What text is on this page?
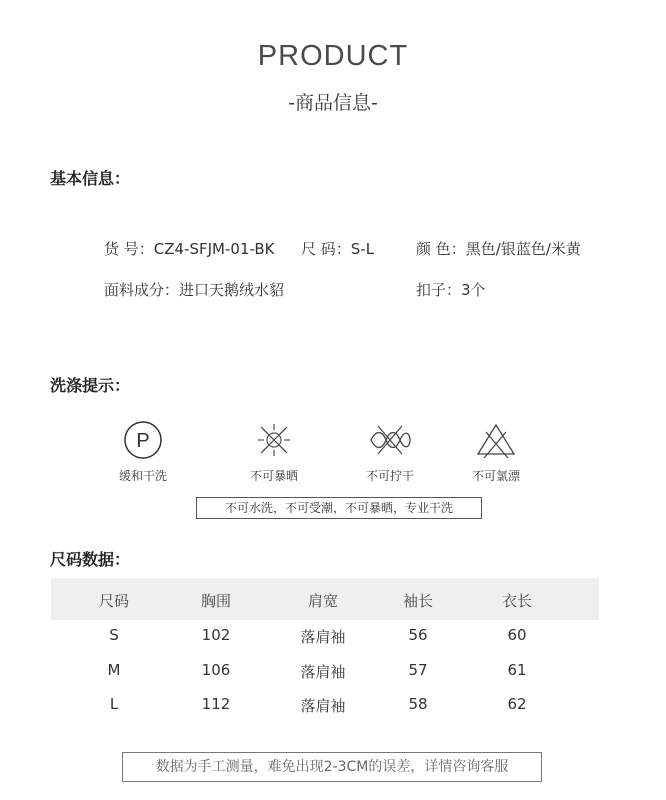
PRODUCT
-商品信息-
基本信息：
货 号：CZ4-SFJM-01-BK 尺 码：S-L	颜 色：黑色/银蓝色/米黄
面料成分：进口天鹅绒水貂	扣子：3个
洗涤提示：
P
缓和干洗	不可暴晒	不可拧干	不可氯漂
不可水洗，不可受潮，不可暴晒，专业干洗
尺码数据：
尺码	胸围	肩宽	袖长	衣长
S	102	落肩袖	56	60
M	106	落肩袖	57	61
L	112	落肩袖	58	62
数据为手工测量，难免出现2-3CM的误差，详情咨询客服
